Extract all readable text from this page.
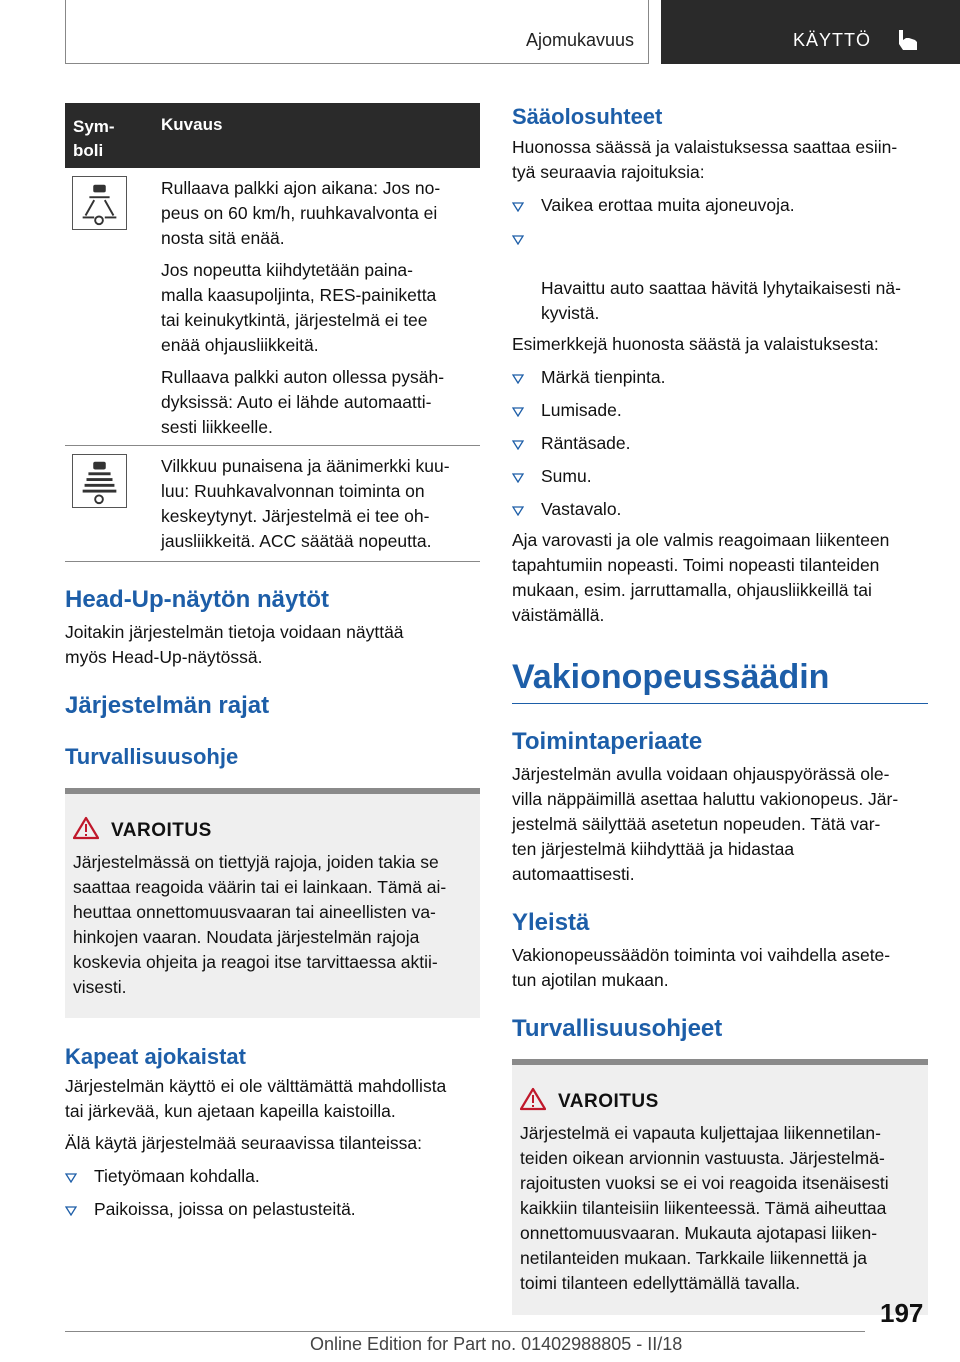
Ajomukavuus	KÄYTTÖ
Sym-
boli
Kuvaus

Rullaava palkki ajon aikana: Jos no-
peus on 60 km/h, ruuhkavalvonta ei
nosta sitä enää.

Jos nopeutta kiihdytetään paina-
malla kaasupoljinta, RES-painiketta
tai keinukytkintä, järjestelmä ei tee
enää ohjausliikkeitä.

Rullaava palkki auton ollessa pysäh-
dyksissä: Auto ei lähde automaatti-
sesti liikkeelle.

Vilkkuu punaisena ja äänimerkki kuu-
luu: Ruuhkavalvonnan toiminta on
keskeytynyt. Järjestelmä ei tee oh-
jausliikkeitä. ACC säätää nopeutta.

Head-Up-näytön näytöt

Joitakin järjestelmän tietoja voidaan näyttää
myös Head-Up-näytössä.

Järjestelmän rajat
Turvallisuusohje
VAROITUS

Järjestelmässä on tiettyjä rajoja, joiden takia se
saattaa reagoida väärin tai ei lainkaan. Tämä ai-
heuttaa onnettomuusvaaran tai aineellisten va-
hinkojen vaaran. Noudata järjestelmän rajoja
koskevia ohjeita ja reagoi itse tarvittaessa aktii-
visesti.

Kapeat ajokaistat

Järjestelmän käyttö ei ole välttämättä mahdollista
tai järkevää, kun ajetaan kapeilla kaistoilla.

Älä käytä järjestelmää seuraavissa tilanteissa:

Tietyömaan kohdalla.
Paikoissa, joissa on pelastusteitä.
Sääolosuhteet

Huonossa säässä ja valaistuksessa saattaa esiin-
tyä seuraavia rajoituksia:

Vaikea erottaa muita ajoneuvoja.

Havaittu auto saattaa hävitä lyhytaikaisesti nä-
kyvistä.

Esimerkkejä huonosta säästä ja valaistuksesta:

Märkä tienpinta.
Lumisade.
Räntäsade.
Sumu.
Vastavalo.

Aja varovasti ja ole valmis reagoimaan liikenteen
tapahtumiin nopeasti. Toimi nopeasti tilanteiden
mukaan, esim. jarruttamalla, ohjausliikkeillä tai
väistämällä.

Vakionopeussäädin
Toimintaperiaate

Järjestelmän avulla voidaan ohjauspyörässä ole-
villa näppäimillä asettaa haluttu vakionopeus. Jär-
jestelmä säilyttää asetetun nopeuden. Tätä var-
ten järjestelmä kiihdyttää ja hidastaa
automaattisesti.

Yleistä

Vakionopeussäädön toiminta voi vaihdella asete-
tun ajotilan mukaan.

Turvallisuusohjeet
VAROITUS

Järjestelmä ei vapauta kuljettajaa liikennetilan-
teiden oikean arvionnin vastuusta. Järjestelmä-
rajoitusten vuoksi se ei voi reagoida itsenäisesti
kaikkiin tilanteisiin liikenteessä. Tämä aiheuttaa
onnettomuusvaaran. Mukauta ajotapasi liiken-
netilanteiden mukaan. Tarkkaile liikennettä ja
toimi tilanteen edellyttämällä tavalla.

197
Online Edition for Part no. 01402988805 - II/18
